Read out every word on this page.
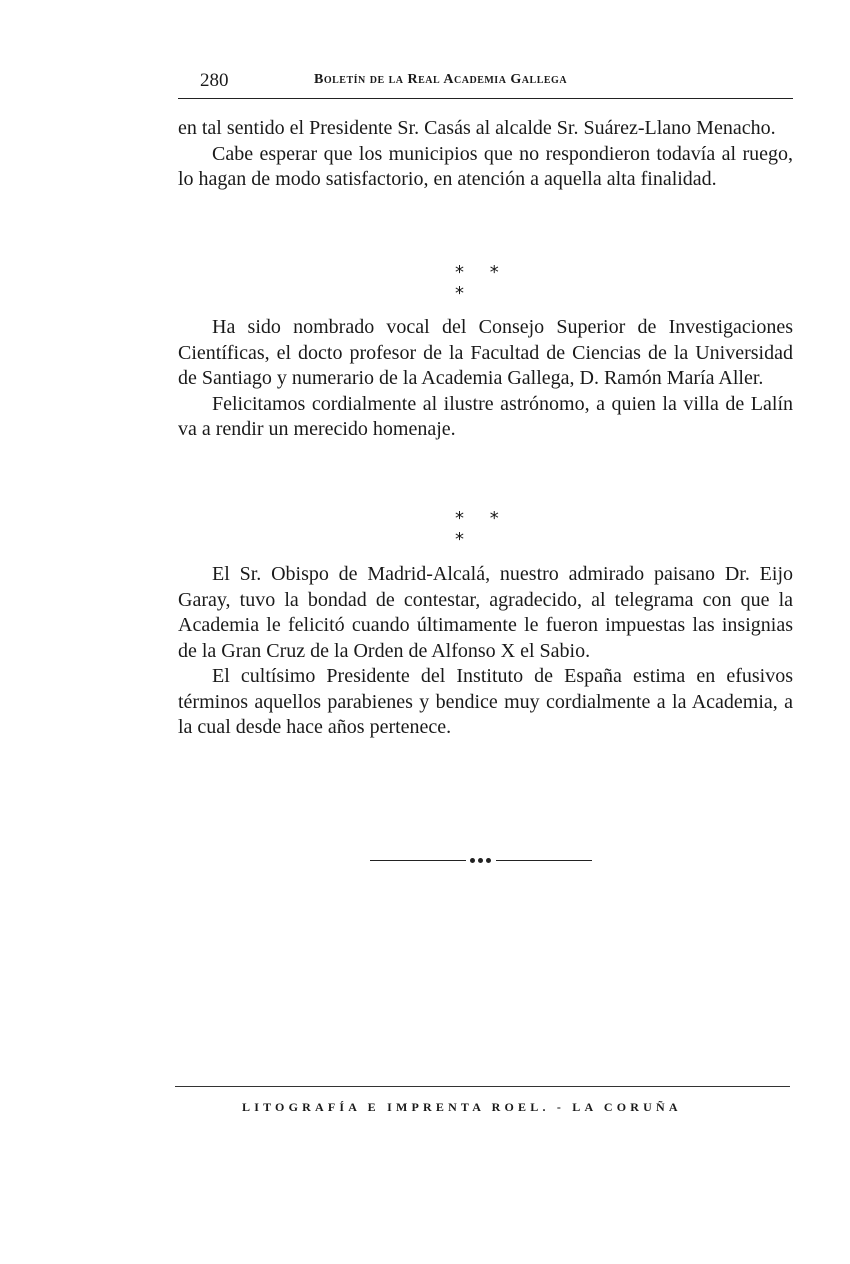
280	Boletín de la Real Academia Gallega

en tal sentido el Presidente Sr. Casás al alcalde Sr. Suárez-Llano Menacho.

Cabe esperar que los municipios que no respondieron todavía al ruego, lo hagan de modo satisfactorio, en atención a aquella alta finalidad.

* * *

Ha sido nombrado vocal del Consejo Superior de Investigaciones Científicas, el docto profesor de la Facultad de Ciencias de la Universidad de Santiago y numerario de la Academia Gallega, D. Ramón María Aller.

Felicitamos cordialmente al ilustre astrónomo, a quien la villa de Lalín va a rendir un merecido homenaje.

* * *

El Sr. Obispo de Madrid-Alcalá, nuestro admirado paisano Dr. Eijo Garay, tuvo la bondad de contestar, agradecido, al telegrama con que la Academia le felicitó cuando últimamente le fueron impuestas las insignias de la Gran Cruz de la Orden de Alfonso X el Sabio.

El cultísimo Presidente del Instituto de España estima en efusivos términos aquellos parabienes y bendice muy cordialmente a la Academia, a la cual desde hace años pertenece.

LITOGRAFÍA E IMPRENTA ROEL. - LA CORUÑA
